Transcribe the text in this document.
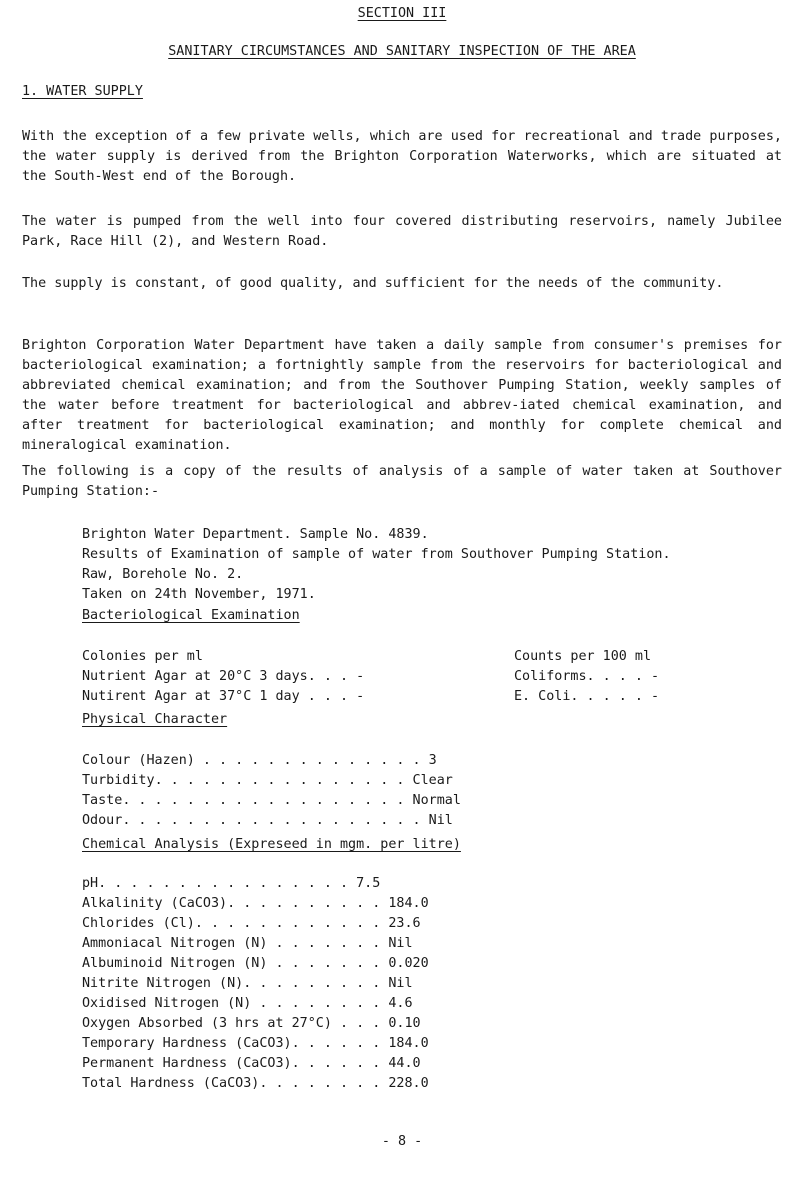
SECTION III
SANITARY CIRCUMSTANCES AND SANITARY INSPECTION OF THE AREA
1. WATER SUPPLY

With the exception of a few private wells, which are used for recreational and trade purposes, the water supply is derived from the Brighton Corporation Waterworks, which are situated at the South-West end of the Borough.

The water is pumped from the well into four covered distributing reservoirs, namely Jubilee Park, Race Hill (2), and Western Road.

The supply is constant, of good quality, and sufficient for the needs of the community.

Brighton Corporation Water Department have taken a daily sample from consumer's premises for bacteriological examination; a fortnightly sample from the reservoirs for bacteriological and abbreviated chemical examination; and from the Southover Pumping Station, weekly samples of the water before treatment for bacteriological and abbrev-iated chemical examination, and after treatment for bacteriological examination; and monthly for complete chemical and mineralogical examination.

The following is a copy of the results of analysis of a sample of water taken at Southover Pumping Station:-

Brighton Water Department. Sample No. 4839.
Results of Examination of sample of water from Southover Pumping Station.
Raw, Borehole No. 2.
Taken on 24th November, 1971.
Bacteriological Examination
Colonies per ml
Nutrient Agar at 20°C 3 days. . . -
Nutirent Agar at 37°C 1 day . . . -
Counts per 100 ml
Coliforms. . . . -
E. Coli. . . . . -
Physical Character
Colour (Hazen) . . . . . . . . . . . . . . 3
Turbidity . . . . . . . . . . . . . . . . Clear
Taste . . . . . . . . . . . . . . . . . . Normal
Odour . . . . . . . . . . . . . . . . . . . Nil
Chemical Analysis (Expreseed in mgm. per litre)
pH . . . . . . . . . . . . . . . . 7.5
Alkalinity (CaCO3) . . . . . . . . . . 184.0
Chlorides (Cl) . . . . . . . . . . . . 23.6
Ammoniacal Nitrogen (N) . . . . . . . Nil
Albuminoid Nitrogen (N) . . . . . . . 0.020
Nitrite Nitrogen (N) . . . . . . . . . Nil
Oxidised Nitrogen (N) . . . . . . . . 4.6
Oxygen Absorbed (3 hrs at 27°C) . . . 0.10
Temporary Hardness (CaCO3) . . . . . . 184.0
Permanent Hardness (CaCO3) . . . . . . 44.0
Total Hardness (CaCO3) . . . . . . . . 228.0
- 8 -
